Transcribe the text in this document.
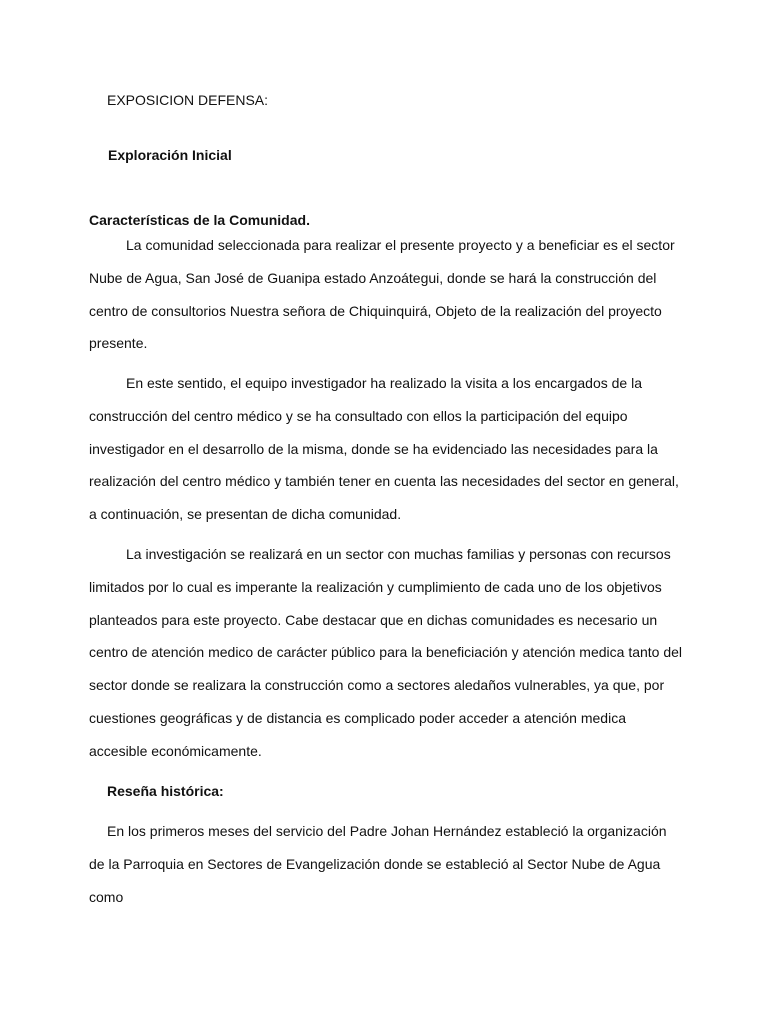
EXPOSICION DEFENSA:

Exploración Inicial

Características de la Comunidad.

La comunidad seleccionada para realizar el presente proyecto y a beneficiar es el sector Nube de Agua, San José de Guanipa estado Anzoátegui, donde se hará la construcción del centro de consultorios Nuestra señora de Chiquinquirá, Objeto de la realización del proyecto presente.

En este sentido, el equipo investigador ha realizado la visita a los encargados de la construcción del centro médico y se ha consultado con ellos la participación del equipo investigador en el desarrollo de la misma, donde se ha evidenciado las necesidades para la realización del centro médico y también tener en cuenta las necesidades del sector en general, a continuación, se presentan de dicha comunidad.

La investigación se realizará en un sector con muchas familias y personas con recursos limitados por lo cual es imperante la realización y cumplimiento de cada uno de los objetivos planteados para este proyecto. Cabe destacar que en dichas comunidades es necesario un centro de atención medico de carácter público para la beneficiación y atención medica tanto del sector donde se realizara la construcción como a sectores aledaños vulnerables, ya que, por cuestiones geográficas y de distancia es complicado poder acceder a atención medica accesible económicamente.

Reseña histórica:

En los primeros meses del servicio del Padre Johan Hernández estableció la organización de la Parroquia en Sectores de Evangelización donde se estableció al Sector Nube de Agua como
